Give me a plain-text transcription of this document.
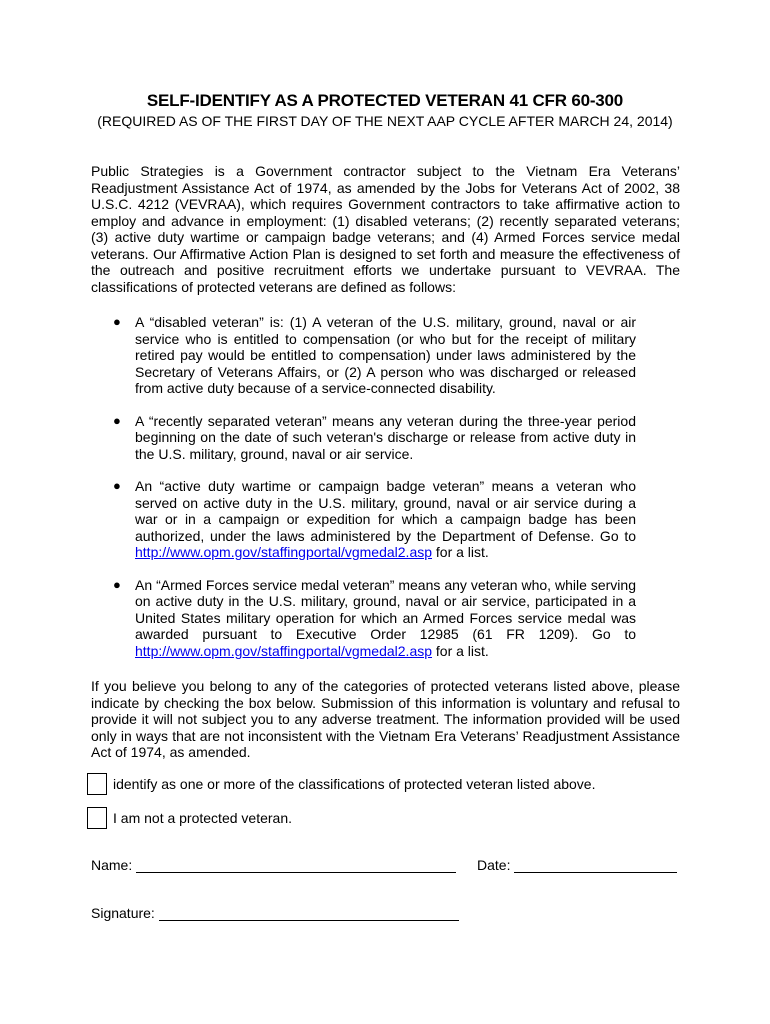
SELF-IDENTIFY AS A PROTECTED VETERAN 41 CFR 60-300
(REQUIRED AS OF THE FIRST DAY OF THE NEXT AAP CYCLE AFTER MARCH 24, 2014)
Public Strategies is a Government contractor subject to the Vietnam Era Veterans’ Readjustment Assistance Act of 1974, as amended by the Jobs for Veterans Act of 2002, 38 U.S.C. 4212 (VEVRAA), which requires Government contractors to take affirmative action to employ and advance in employment: (1) disabled veterans; (2) recently separated veterans; (3) active duty wartime or campaign badge veterans; and (4) Armed Forces service medal veterans. Our Affirmative Action Plan is designed to set forth and measure the effectiveness of the outreach and positive recruitment efforts we undertake pursuant to VEVRAA. The classifications of protected veterans are defined as follows:
● A “disabled veteran” is: (1) A veteran of the U.S. military, ground, naval or air service who is entitled to compensation (or who but for the receipt of military retired pay would be entitled to compensation) under laws administered by the Secretary of Veterans Affairs, or (2) A person who was discharged or released from active duty because of a service-connected disability.
● A “recently separated veteran” means any veteran during the three-year period beginning on the date of such veteran's discharge or release from active duty in the U.S. military, ground, naval or air service.
● An “active duty wartime or campaign badge veteran” means a veteran who served on active duty in the U.S. military, ground, naval or air service during a war or in a campaign or expedition for which a campaign badge has been authorized, under the laws administered by the Department of Defense. Go to http://www.opm.gov/staffingportal/vgmedal2.asp for a list.
● An “Armed Forces service medal veteran” means any veteran who, while serving on active duty in the U.S. military, ground, naval or air service, participated in a United States military operation for which an Armed Forces service medal was awarded pursuant to Executive Order 12985 (61 FR 1209). Go to http://www.opm.gov/staffingportal/vgmedal2.asp for a list.
If you believe you belong to any of the categories of protected veterans listed above, please indicate by checking the box below. Submission of this information is voluntary and refusal to provide it will not subject you to any adverse treatment. The information provided will be used only in ways that are not inconsistent with the Vietnam Era Veterans’ Readjustment Assistance Act of 1974, as amended.
identify as one or more of the classifications of protected veteran listed above.
I am not a protected veteran.
Name:	Date:
Signature:
